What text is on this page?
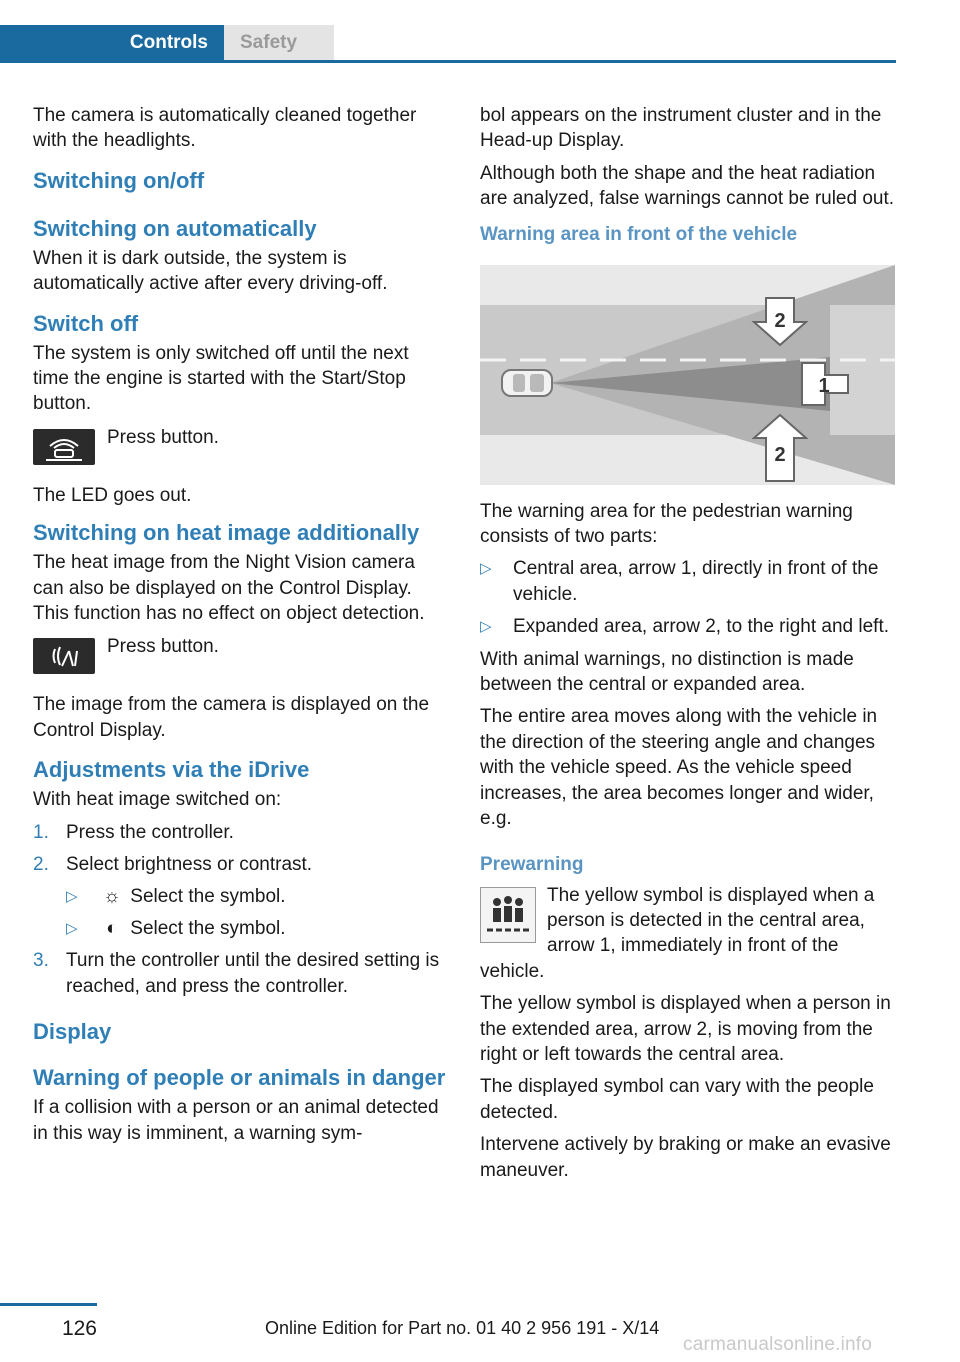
Controls	Safety

The camera is automatically cleaned together with the headlights.

Switching on/off
Switching on automatically

When it is dark outside, the system is automatically active after every driving-off.

Switch off

The system is only switched off until the next time the engine is started with the Start/Stop button.

Press button.

The LED goes out.

Switching on heat image additionally

The heat image from the Night Vision camera can also be displayed on the Control Display. This function has no effect on object detection.

Press button.

The image from the camera is displayed on the Control Display.

Adjustments via the iDrive

With heat image switched on:

1. Press the controller.
2. Select brightness or contrast.
▷ ☼ Select the symbol.
▷ ◐ Select the symbol.
3. Turn the controller until the desired setting is reached, and press the controller.
Display
Warning of people or animals in danger

If a collision with a person or an animal detected in this way is imminent, a warning sym-

bol appears on the instrument cluster and in the Head-up Display.

Although both the shape and the heat radiation are analyzed, false warnings cannot be ruled out.

Warning area in front of the vehicle
2
1
2

The warning area for the pedestrian warning consists of two parts:

▷ Central area, arrow 1, directly in front of the vehicle.
▷ Expanded area, arrow 2, to the right and left.

With animal warnings, no distinction is made between the central or expanded area.

The entire area moves along with the vehicle in the direction of the steering angle and changes with the vehicle speed. As the vehicle speed increases, the area becomes longer and wider, e.g.

Prewarning

The yellow symbol is displayed when a person is detected in the central area, arrow 1, immediately in front of the vehicle.

The yellow symbol is displayed when a person in the extended area, arrow 2, is moving from the right or left towards the central area.

The displayed symbol can vary with the people detected.

Intervene actively by braking or make an evasive maneuver.

126	Online Edition for Part no. 01 40 2 956 191 - X/14
carmanualsonline.info
